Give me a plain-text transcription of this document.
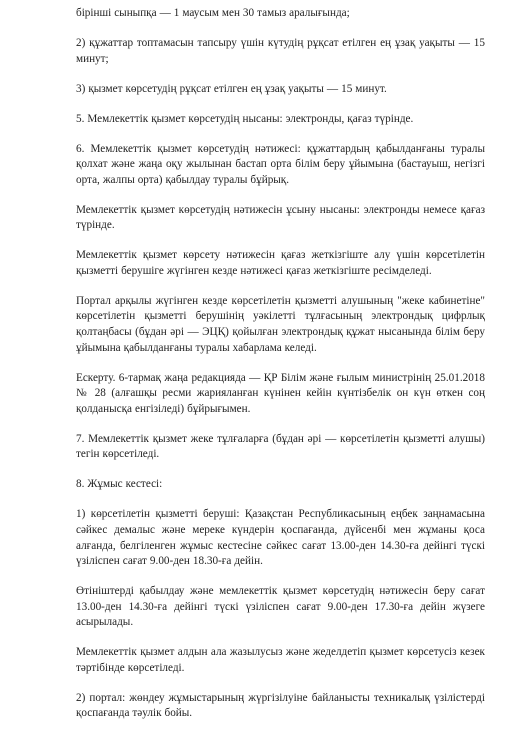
бірінші сыныпқа — 1 маусым мен 30 тамыз аралығында;

2) құжаттар топтамасын тапсыру үшін күтудің рұқсат етілген ең ұзақ уақыты — 15 минут;

3) қызмет көрсетудің рұқсат етілген ең ұзақ уақыты — 15 минут.

5. Мемлекеттік қызмет көрсетудің нысаны: электронды, қағаз түрінде.

6. Мемлекеттік қызмет көрсетудің нәтижесі: құжаттардың қабылданғаны туралы қолхат және жаңа оқу жылынан бастап орта білім беру ұйымына (бастауыш, негізгі орта, жалпы орта) қабылдау туралы бұйрық.

Мемлекеттік қызмет көрсетудің нәтижесін ұсыну нысаны: электронды немесе қағаз түрінде.

Мемлекеттік қызмет көрсету нәтижесін қағаз жеткізгіште алу үшін көрсетілетін қызметті берушіге жүгінген кезде нәтижесі қағаз жеткізгіште ресімделеді.

Портал арқылы жүгінген кезде көрсетілетін қызметті алушының "жеке кабинетіне" көрсетілетін қызметті берушінің уәкілетті тұлғасының электрондық цифрлық қолтаңбасы (бұдан әрі — ЭЦҚ) қойылған электрондық құжат нысанында білім беру ұйымына қабылданғаны туралы хабарлама келеді.

Ескерту. 6-тармақ жаңа редакцияда — ҚР Білім және ғылым министрінің 25.01.2018 № 28 (алғашқы ресми жарияланған күнінен кейін күнтізбелік он күн өткен соң қолданысқа енгізіледі) бұйрығымен.

7. Мемлекеттік қызмет жеке тұлғаларға (бұдан әрі — көрсетілетін қызметті алушы) тегін көрсетіледі.

8. Жұмыс кестесі:

1) көрсетілетін қызметті беруші: Қазақстан Республикасының еңбек заңнамасына сәйкес демалыс және мереке күндерін қоспағанда, дүйсенбі мен жұманы қоса алғанда, белгіленген жұмыс кестесіне сәйкес сағат 13.00-ден 14.30-ға дейінгі түскі үзіліспен сағат 9.00-ден 18.30-ға дейін.

Өтініштерді қабылдау және мемлекеттік қызмет көрсетудің нәтижесін беру сағат 13.00-ден 14.30-ға дейінгі түскі үзіліспен сағат 9.00-ден 17.30-ға дейін жүзеге асырылады.

Мемлекеттік қызмет алдын ала жазылусыз және жеделдетіп қызмет көрсетусіз кезек тәртібінде көрсетіледі.

2) портал: жөндеу жұмыстарының жүргізілуіне байланысты техникалық үзілістерді қоспағанда тәулік бойы.
